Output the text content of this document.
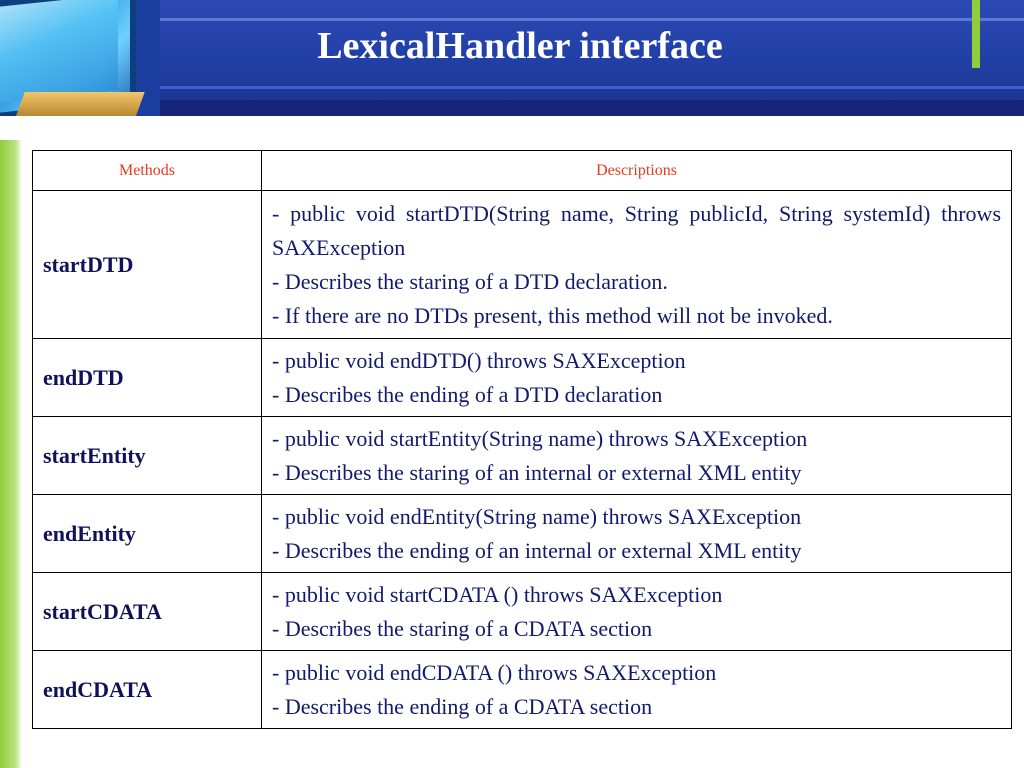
LexicalHandler interface
Methods	Descriptions
startDTD	- public void startDTD(String name, String publicId, String systemId) throws SAXException
- Describes the staring of a DTD declaration.
- If there are no DTDs present, this method will not be invoked.

endDTD	- public void endDTD() throws SAXException
- Describes the ending of a DTD declaration

startEntity	- public void startEntity(String name) throws SAXException
- Describes the staring of an internal or external XML entity

endEntity	- public void endEntity(String name) throws SAXException
- Describes the ending of an internal or external XML entity

startCDATA	- public void startCDATA () throws SAXException
- Describes the staring of a CDATA section

endCDATA	- public void endCDATA () throws SAXException
- Describes the ending of a CDATA section
